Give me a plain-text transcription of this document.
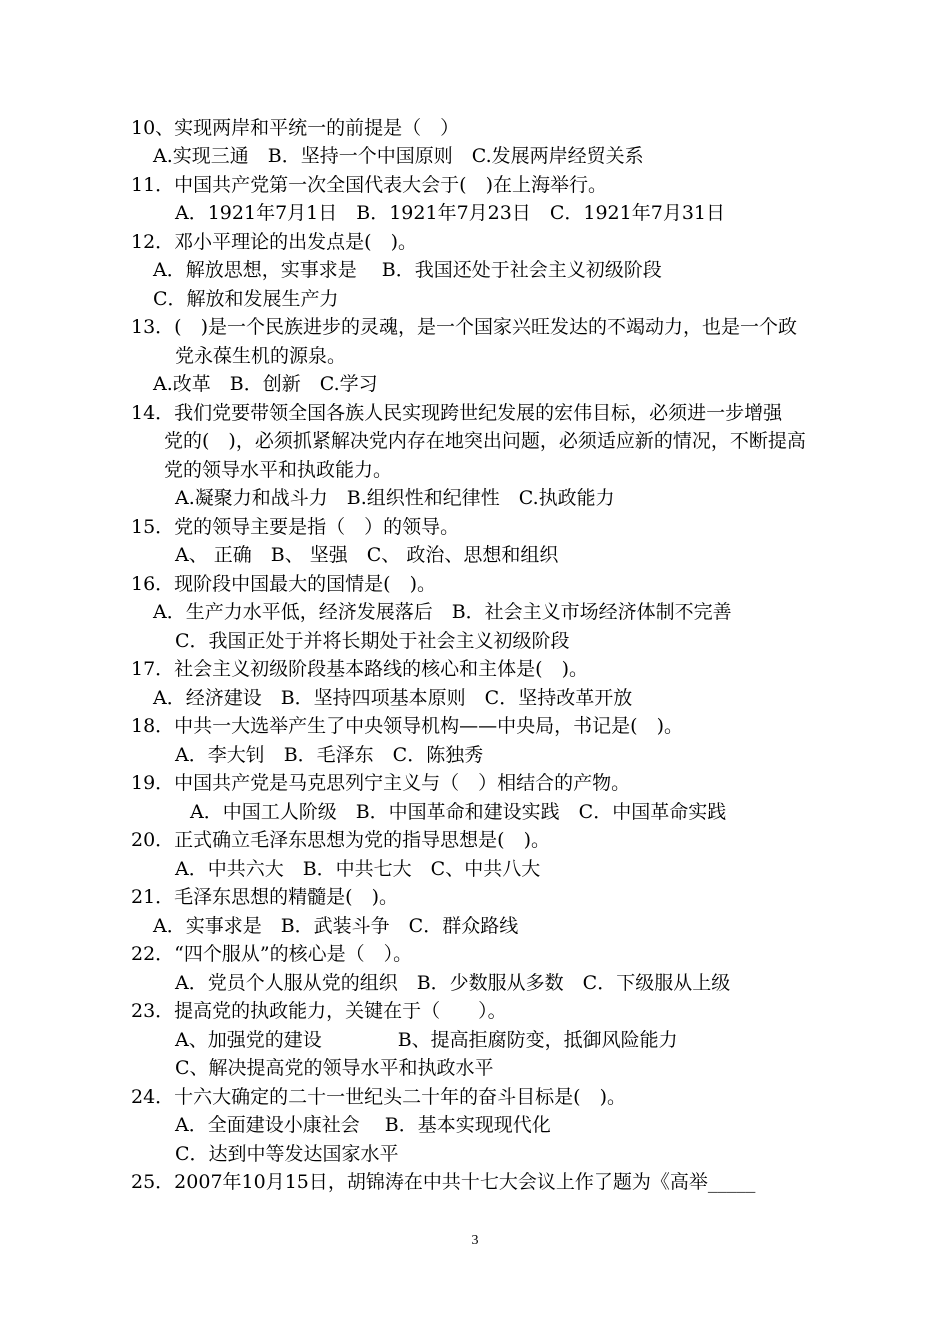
10、实现两岸和平统一的前提是（　）
A.实现三通　B．坚持一个中国原则　C.发展两岸经贸关系
11．中国共产党第一次全国代表大会于(　)在上海举行。
A．1921年7月1日　B．1921年7月23日　C．1921年7月31日
12．邓小平理论的出发点是(　)。
A．解放思想，实事求是　 B．我国还处于社会主义初级阶段
C．解放和发展生产力
13．(　)是一个民族进步的灵魂，是一个国家兴旺发达的不竭动力，也是一个政
党永葆生机的源泉。
A.改革　B．创新　C.学习
14．我们党要带领全国各族人民实现跨世纪发展的宏伟目标，必须进一步增强
党的(　)，必须抓紧解决党内存在地突出问题，必须适应新的情况，不断提高
党的领导水平和执政能力。
A.凝聚力和战斗力　B.组织性和纪律性　C.执政能力
15．党的领导主要是指（　）的领导。
A、 正确　B、 坚强　C、 政治、思想和组织
16．现阶段中国最大的国情是(　)。
A．生产力水平低，经济发展落后　B．社会主义市场经济体制不完善
C．我国正处于并将长期处于社会主义初级阶段
17．社会主义初级阶段基本路线的核心和主体是(　)。
A．经济建设　B．坚持四项基本原则　C．坚持改革开放
18．中共一大选举产生了中央领导机构——中央局，书记是(　)。
A．李大钊　B．毛泽东　C．陈独秀
19．中国共产党是马克思列宁主义与（　）相结合的产物。
A．中国工人阶级　B．中国革命和建设实践　C．中国革命实践
20．正式确立毛泽东思想为党的指导思想是(　)。
A．中共六大　B．中共七大　C、中共八大
21．毛泽东思想的精髓是(　)。
A．实事求是　B．武装斗争　C．群众路线
22．“四个服从”的核心是（　）。
A．党员个人服从党的组织　B．少数服从多数　C．下级服从上级
23．提高党的执政能力，关键在于（　　）。
A、加强党的建设　　　　B、提高拒腐防变，抵御风险能力
C、解决提高党的领导水平和执政水平
24．十六大确定的二十一世纪头二十年的奋斗目标是(　)。
A．全面建设小康社会　 B．基本实现现代化
C．达到中等发达国家水平
25．2007年10月15日，胡锦涛在中共十七大会议上作了题为《高举_____
3
